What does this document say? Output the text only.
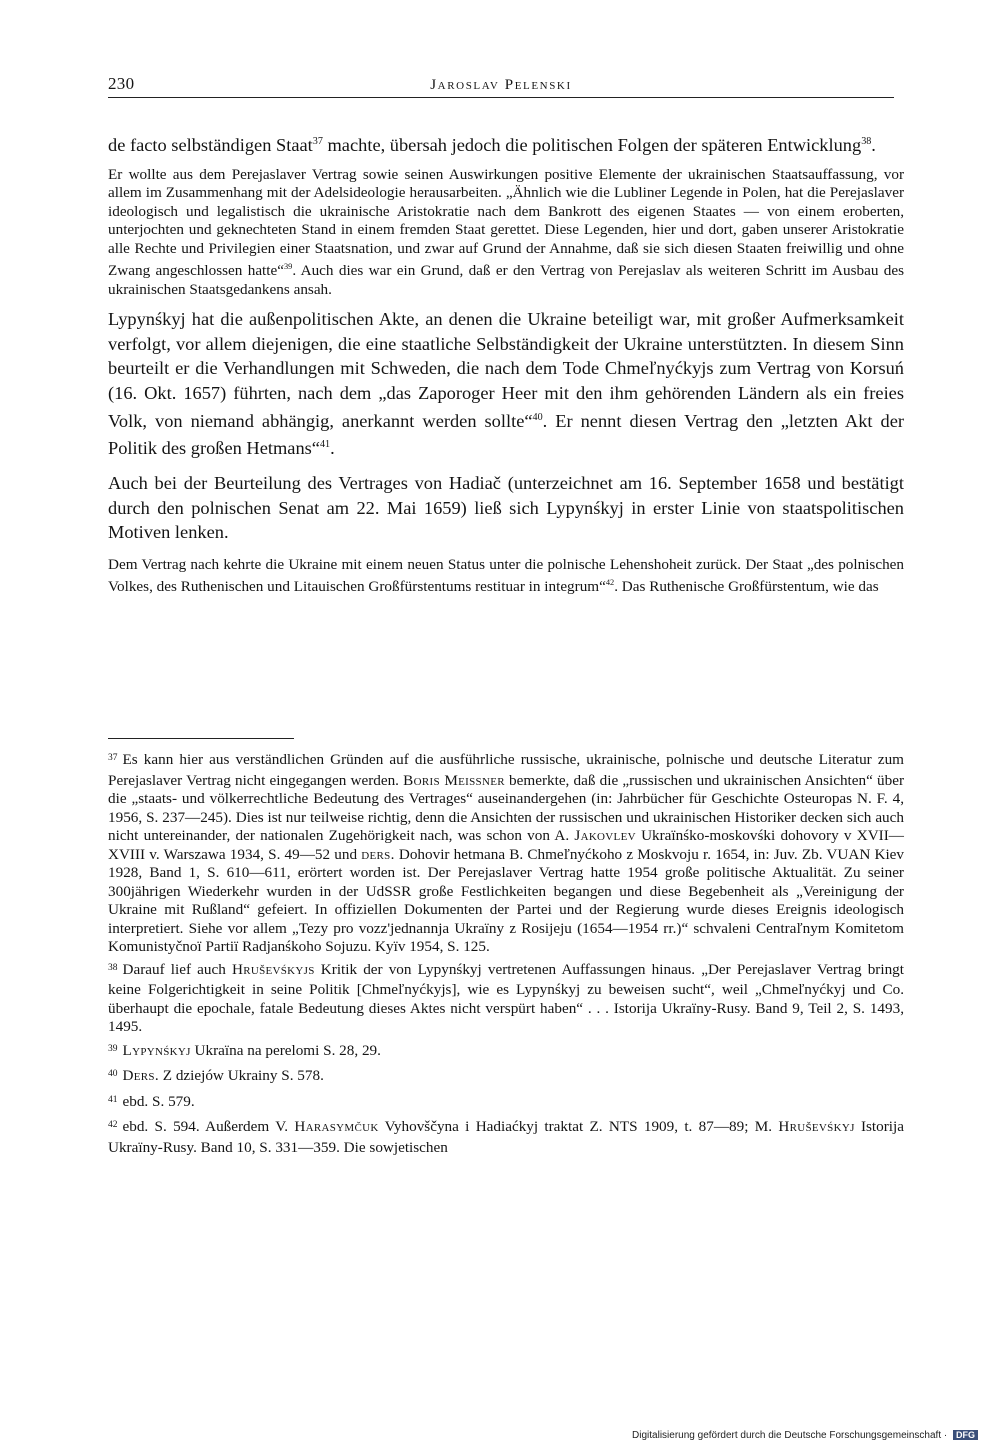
230	Jaroslav Pelenski

de facto selbständigen Staat$^{37}$ machte, übersah jedoch die politischen Folgen der späteren Entwicklung$^{38}$.

Er wollte aus dem Perejaslaver Vertrag sowie seinen Auswirkungen positive Elemente der ukrainischen Staatsauffassung, vor allem im Zusammenhang mit der Adelsideologie herausarbeiten. „Ähnlich wie die Lubliner Legende in Polen, hat die Perejaslaver ideologisch und legalistisch die ukrainische Aristokratie nach dem Bankrott des eigenen Staates — von einem eroberten, unterjochten und geknechteten Stand in einem fremden Staat gerettet. Diese Legenden, hier und dort, gaben unserer Aristokratie alle Rechte und Privilegien einer Staatsnation, und zwar auf Grund der Annahme, daß sie sich diesen Staaten freiwillig und ohne Zwang angeschlossen hatte“$^{39}$. Auch dies war ein Grund, daß er den Vertrag von Perejaslav als weiteren Schritt im Ausbau des ukrainischen Staatsgedankens ansah.

Lypynśkyj hat die außenpolitischen Akte, an denen die Ukraine beteiligt war, mit großer Aufmerksamkeit verfolgt, vor allem diejenigen, die eine staatliche Selbständigkeit der Ukraine unterstützten. In diesem Sinn beurteilt er die Verhandlungen mit Schweden, die nach dem Tode Chmeľnyćkyjs zum Vertrag von Korsuń (16. Okt. 1657) führten, nach dem „das Zaporoger Heer mit den ihm gehörenden Ländern als ein freies Volk, von niemand abhängig, anerkannt werden sollte“$^{40}$. Er nennt diesen Vertrag den „letzten Akt der Politik des großen Hetmans“$^{41}$.

Auch bei der Beurteilung des Vertrages von Hadiač (unterzeichnet am 16. September 1658 und bestätigt durch den polnischen Senat am 22. Mai 1659) ließ sich Lypynśkyj in erster Linie von staatspolitischen Motiven lenken.

Dem Vertrag nach kehrte die Ukraine mit einem neuen Status unter die polnische Lehenshoheit zurück. Der Staat „des polnischen Volkes, des Ruthenischen und Litauischen Großfürstentums restituar in integrum“$^{42}$. Das Ruthenische Großfürstentum, wie das

$^{37}$ Es kann hier aus verständlichen Gründen auf die ausführliche russische, ukrainische, polnische und deutsche Literatur zum Perejaslaver Vertrag nicht eingegangen werden. Boris Meissner bemerkte, daß die „russischen und ukrainischen Ansichten“ über die „staats- und völkerrechtliche Bedeutung des Vertrages“ auseinandergehen (in: Jahrbücher für Geschichte Osteuropas N. F. 4, 1956, S. 237—245). Dies ist nur teilweise richtig, denn die Ansichten der russischen und ukrainischen Historiker decken sich auch nicht untereinander, der nationalen Zugehörigkeit nach, was schon von A. Jakovlev Ukraïnśko-moskovśki dohovory v XVII—XVIII v. Warszawa 1934, S. 49—52 und ders. Dohovir hetmana B. Chmeľnyćkoho z Moskvoju r. 1654, in: Juv. Zb. VUAN Kiev 1928, Band 1, S. 610—611, erörtert worden ist. Der Perejaslaver Vertrag hatte 1954 große politische Aktualität. Zu seiner 300jährigen Wiederkehr wurden in der UdSSR große Festlichkeiten begangen und diese Begebenheit als „Vereinigung der Ukraine mit Rußland“ gefeiert. In offiziellen Dokumenten der Partei und der Regierung wurde dieses Ereignis ideologisch interpretiert. Siehe vor allem „Tezy pro vozz'jednannja Ukraïny z Rosijeju (1654—1954 rr.)“ schvaleni Centraľnym Komitetom Komunistyčnoï Partiï Radjanśkoho Sojuzu. Kyïv 1954, S. 125.

$^{38}$ Darauf lief auch Hruševśkyjs Kritik der von Lypynśkyj vertretenen Auffassungen hinaus. „Der Perejaslaver Vertrag bringt keine Folgerichtigkeit in seine Politik [Chmeľnyćkyjs], wie es Lypynśkyj zu beweisen sucht“, weil „Chmeľnyćkyj und Co. überhaupt die epochale, fatale Bedeutung dieses Aktes nicht verspürt haben“ . . . Istorija Ukraïny-Rusy. Band 9, Teil 2, S. 1493, 1495.

$^{39}$ Lypynśkyj Ukraïna na perelomi S. 28, 29.

$^{40}$ Ders. Z dziejów Ukrainy S. 578.

$^{41}$ ebd. S. 579.

$^{42}$ ebd. S. 594. Außerdem V. Harasymčuk Vyhovščyna i Hadiaćkyj traktat Z. NTS 1909, t. 87—89; M. Hruševśkyj Istorija Ukraïny-Rusy. Band 10, S. 331—359. Die sowjetischen

Digitalisierung gefördert durch die Deutsche Forschungsgemeinschaft · DFG
